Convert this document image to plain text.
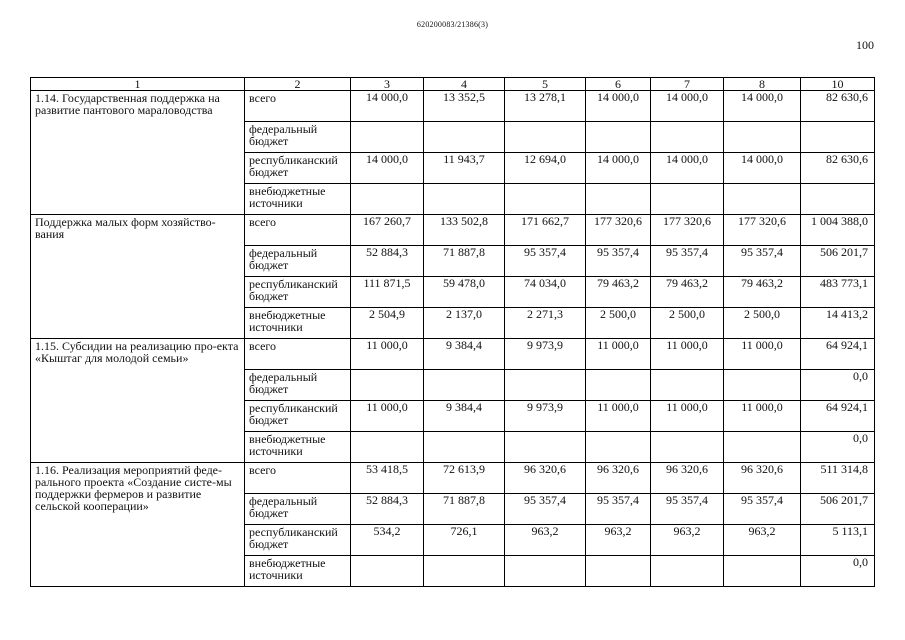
620200083/21386(3)
100
1	2	3	4	5	6	7	8	10
1.14. Государственная поддержка на развитие пантового мараловодства	всего	14 000,0	13 352,5	13 278,1	14 000,0	14 000,0	14 000,0	82 630,6
	федеральный бюджет							
	республиканский бюджет	14 000,0	11 943,7	12 694,0	14 000,0	14 000,0	14 000,0	82 630,6
	внебюджетные источники							
Поддержка малых форм хозяйство-вания	всего	167 260,7	133 502,8	171 662,7	177 320,6	177 320,6	177 320,6	1 004 388,0
	федеральный бюджет	52 884,3	71 887,8	95 357,4	95 357,4	95 357,4	95 357,4	506 201,7
	республиканский бюджет	111 871,5	59 478,0	74 034,0	79 463,2	79 463,2	79 463,2	483 773,1
	внебюджетные источники	2 504,9	2 137,0	2 271,3	2 500,0	2 500,0	2 500,0	14 413,2
1.15. Субсидии на реализацию про-екта «Кыштаг для молодой семьи»	всего	11 000,0	9 384,4	9 973,9	11 000,0	11 000,0	11 000,0	64 924,1
	федеральный бюджет							0,0
	республиканский бюджет	11 000,0	9 384,4	9 973,9	11 000,0	11 000,0	11 000,0	64 924,1
	внебюджетные источники							0,0
1.16. Реализация мероприятий феде-рального проекта «Создание систе-мы поддержки фермеров и развитие сельской кооперации»	всего	53 418,5	72 613,9	96 320,6	96 320,6	96 320,6	96 320,6	511 314,8
	федеральный бюджет	52 884,3	71 887,8	95 357,4	95 357,4	95 357,4	95 357,4	506 201,7
	республиканский бюджет	534,2	726,1	963,2	963,2	963,2	963,2	5 113,1
	внебюджетные источники							0,0
